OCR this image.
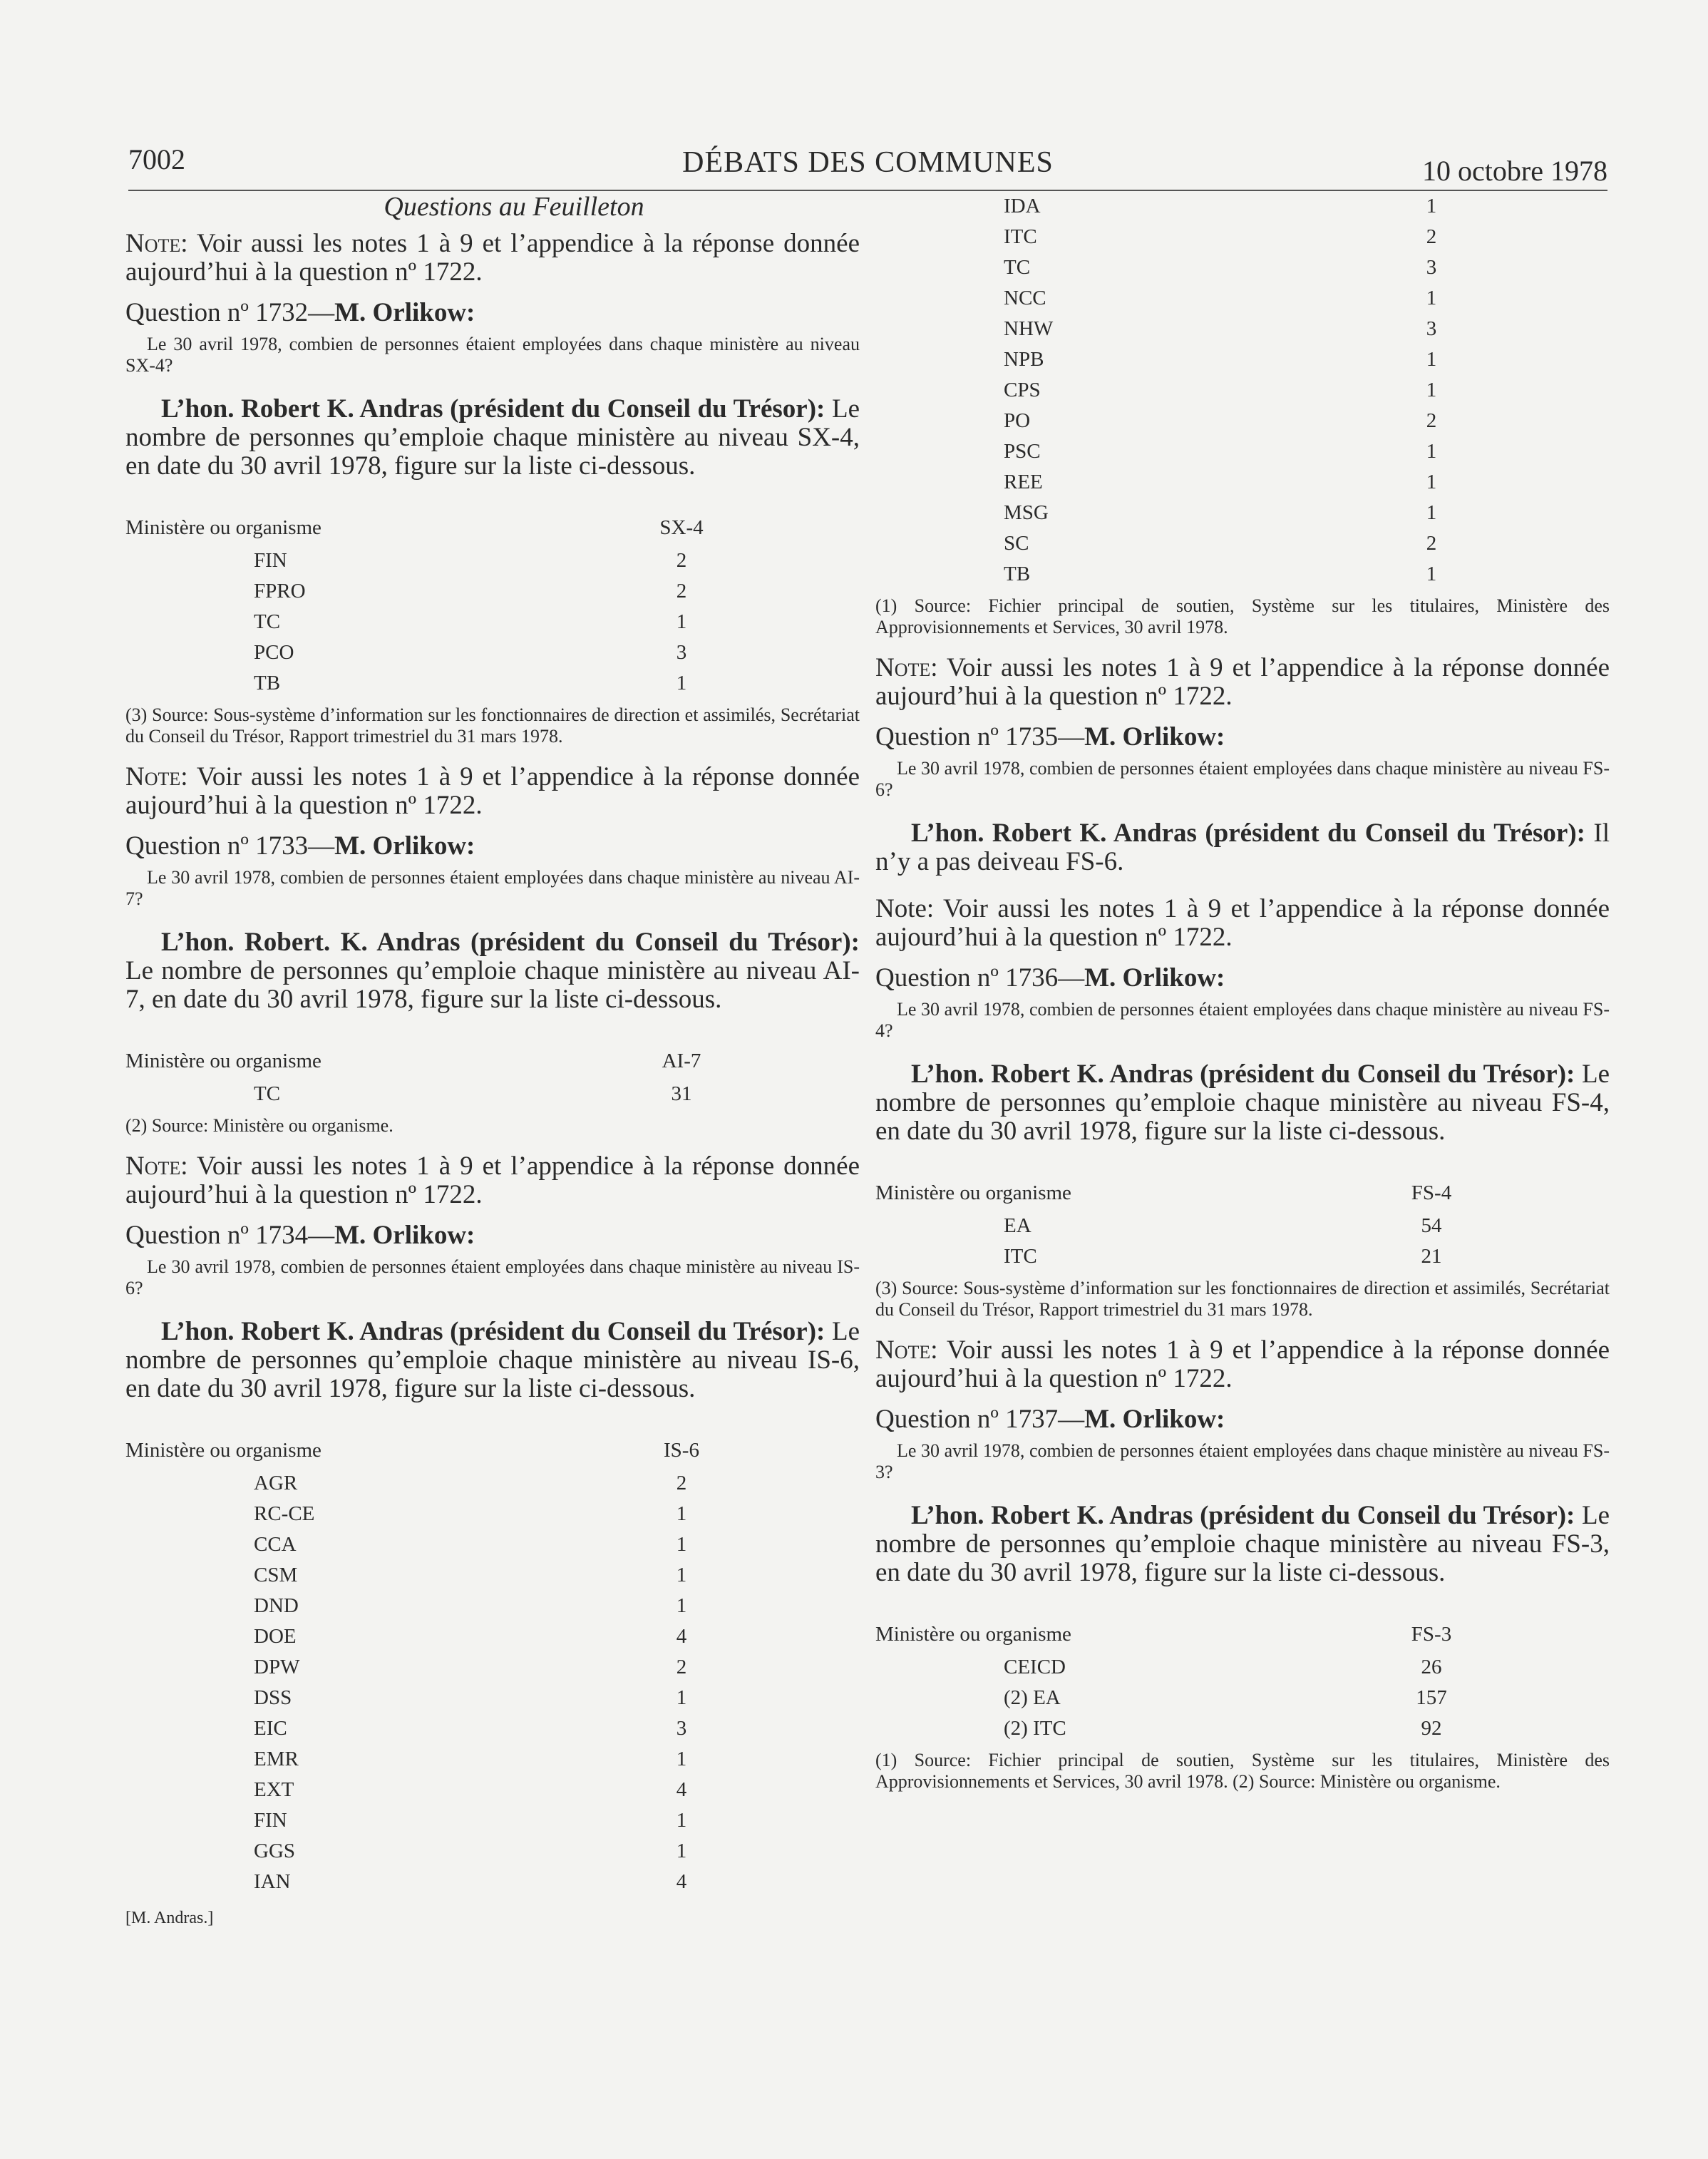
7002	DÉBATS DES COMMUNES	10 octobre 1978

Questions au Feuilleton

Note: Voir aussi les notes 1 à 9 et l’appendice à la réponse donnée aujourd’hui à la question nº 1722.

Question nº 1732—M. Orlikow:

Le 30 avril 1978, combien de personnes étaient employées dans chaque ministère au niveau SX-4?

L’hon. Robert K. Andras (président du Conseil du Trésor): Le nombre de personnes qu’emploie chaque ministère au niveau SX-4, en date du 30 avril 1978, figure sur la liste ci-dessous.

Ministère ou organisme		SX-4
	FIN	2
	FPRO	2
	TC	1
	PCO	3
	TB	1

(3) Source: Sous-système d’information sur les fonctionnaires de direction et assimilés, Secrétariat du Conseil du Trésor, Rapport trimestriel du 31 mars 1978.

Note: Voir aussi les notes 1 à 9 et l’appendice à la réponse donnée aujourd’hui à la question nº 1722.

Question nº 1733—M. Orlikow:

Le 30 avril 1978, combien de personnes étaient employées dans chaque ministère au niveau AI-7?

L’hon. Robert. K. Andras (président du Conseil du Trésor): Le nombre de personnes qu’emploie chaque ministère au niveau AI-7, en date du 30 avril 1978, figure sur la liste ci-dessous.

Ministère ou organisme		AI-7
	TC	31

(2) Source: Ministère ou organisme.

Note: Voir aussi les notes 1 à 9 et l’appendice à la réponse donnée aujourd’hui à la question nº 1722.

Question nº 1734—M. Orlikow:

Le 30 avril 1978, combien de personnes étaient employées dans chaque ministère au niveau IS-6?

L’hon. Robert K. Andras (président du Conseil du Trésor): Le nombre de personnes qu’emploie chaque ministère au niveau IS-6, en date du 30 avril 1978, figure sur la liste ci-dessous.

Ministère ou organisme		IS-6
	AGR	2
	RC-CE	1
	CCA	1
	CSM	1
	DND	1
	DOE	4
	DPW	2
	DSS	1
	EIC	3
	EMR	1
	EXT	4
	FIN	1
	GGS	1
	IAN	4
[M. Andras.]
	IDA	1
	ITC	2
	TC	3
	NCC	1
	NHW	3
	NPB	1
	CPS	1
	PO	2
	PSC	1
	REE	1
	MSG	1
	SC	2
	TB	1

(1) Source: Fichier principal de soutien, Système sur les titulaires, Ministère des Approvisionnements et Services, 30 avril 1978.

Note: Voir aussi les notes 1 à 9 et l’appendice à la réponse donnée aujourd’hui à la question nº 1722.

Question nº 1735—M. Orlikow:

Le 30 avril 1978, combien de personnes étaient employées dans chaque ministère au niveau FS-6?

L’hon. Robert K. Andras (président du Conseil du Trésor): Il n’y a pas deiveau FS-6.

Note: Voir aussi les notes 1 à 9 et l’appendice à la réponse donnée aujourd’hui à la question nº 1722.

Question nº 1736—M. Orlikow:

Le 30 avril 1978, combien de personnes étaient employées dans chaque ministère au niveau FS-4?

L’hon. Robert K. Andras (président du Conseil du Trésor): Le nombre de personnes qu’emploie chaque ministère au niveau FS-4, en date du 30 avril 1978, figure sur la liste ci-dessous.

Ministère ou organisme		FS-4
	EA	54
	ITC	21

(3) Source: Sous-système d’information sur les fonctionnaires de direction et assimilés, Secrétariat du Conseil du Trésor, Rapport trimestriel du 31 mars 1978.

Note: Voir aussi les notes 1 à 9 et l’appendice à la réponse donnée aujourd’hui à la question nº 1722.

Question nº 1737—M. Orlikow:

Le 30 avril 1978, combien de personnes étaient employées dans chaque ministère au niveau FS-3?

L’hon. Robert K. Andras (président du Conseil du Trésor): Le nombre de personnes qu’emploie chaque ministère au niveau FS-3, en date du 30 avril 1978, figure sur la liste ci-dessous.

Ministère ou organisme		FS-3
	CEICD	26
	(2) EA	157
	(2) ITC	92

(1) Source: Fichier principal de soutien, Système sur les titulaires, Ministère des Approvisionnements et Services, 30 avril 1978. (2) Source: Ministère ou organisme.
